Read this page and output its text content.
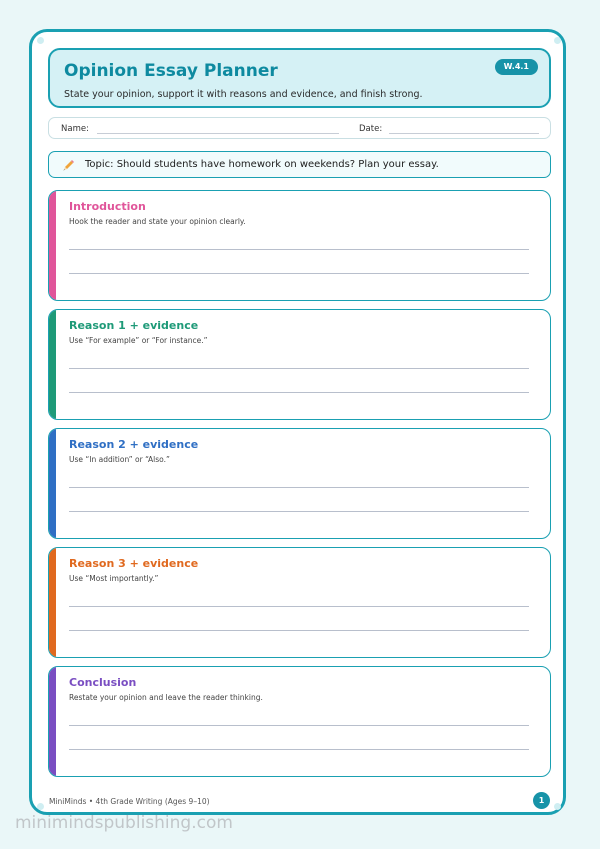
Opinion Essay Planner
State your opinion, support it with reasons and evidence, and finish strong.
W.4.1
Name:	Date:
Topic: Should students have homework on weekends? Plan your essay.
Introduction
Hook the reader and state your opinion clearly.
Reason 1 + evidence
Use “For example” or “For instance.”
Reason 2 + evidence
Use “In addition” or “Also.”
Reason 3 + evidence
Use “Most importantly.”
Conclusion
Restate your opinion and leave the reader thinking.
MiniMinds • 4th Grade Writing (Ages 9–10)	1
minimindspublishing.com
